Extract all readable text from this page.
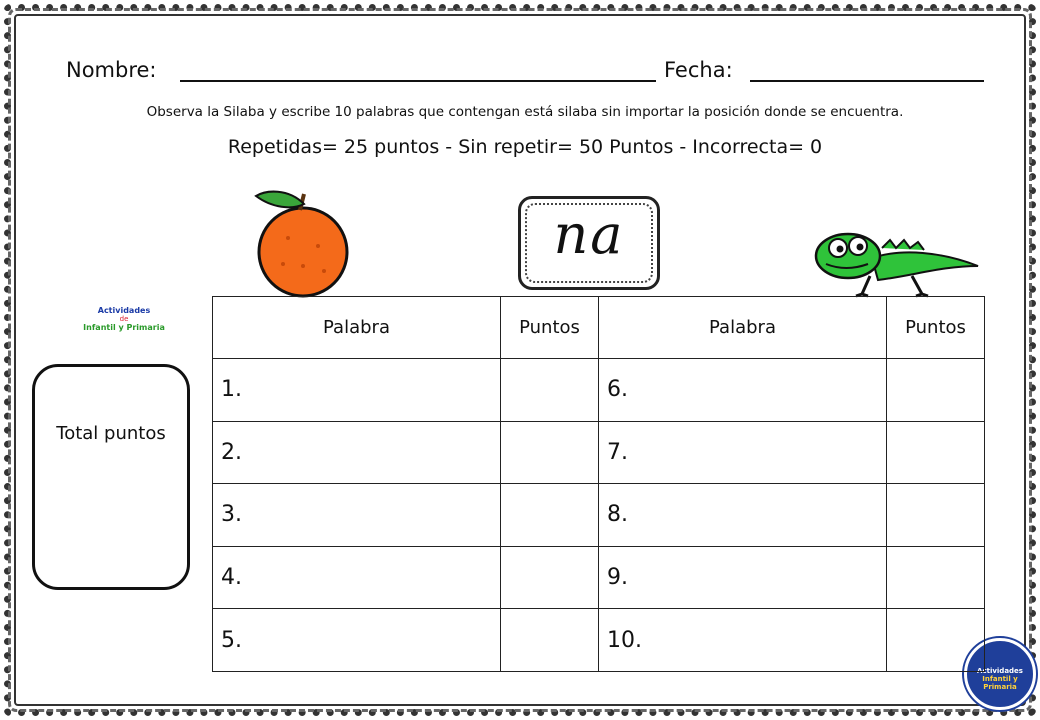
Nombre:	Fecha:
Observa la Silaba y escribe 10 palabras que contengan está silaba sin importar la posición donde se encuentra.
Repetidas= 25 puntos - Sin repetir= 50 Puntos - Incorrecta= 0
na
Actividades
de
Infantil y Primaria
Actividades
Infantil y Primaria
Total puntos
Palabra	Puntos	Palabra	Puntos
1.		6.	
2.		7.	
3.		8.	
4.		9.	
5.		10.	
